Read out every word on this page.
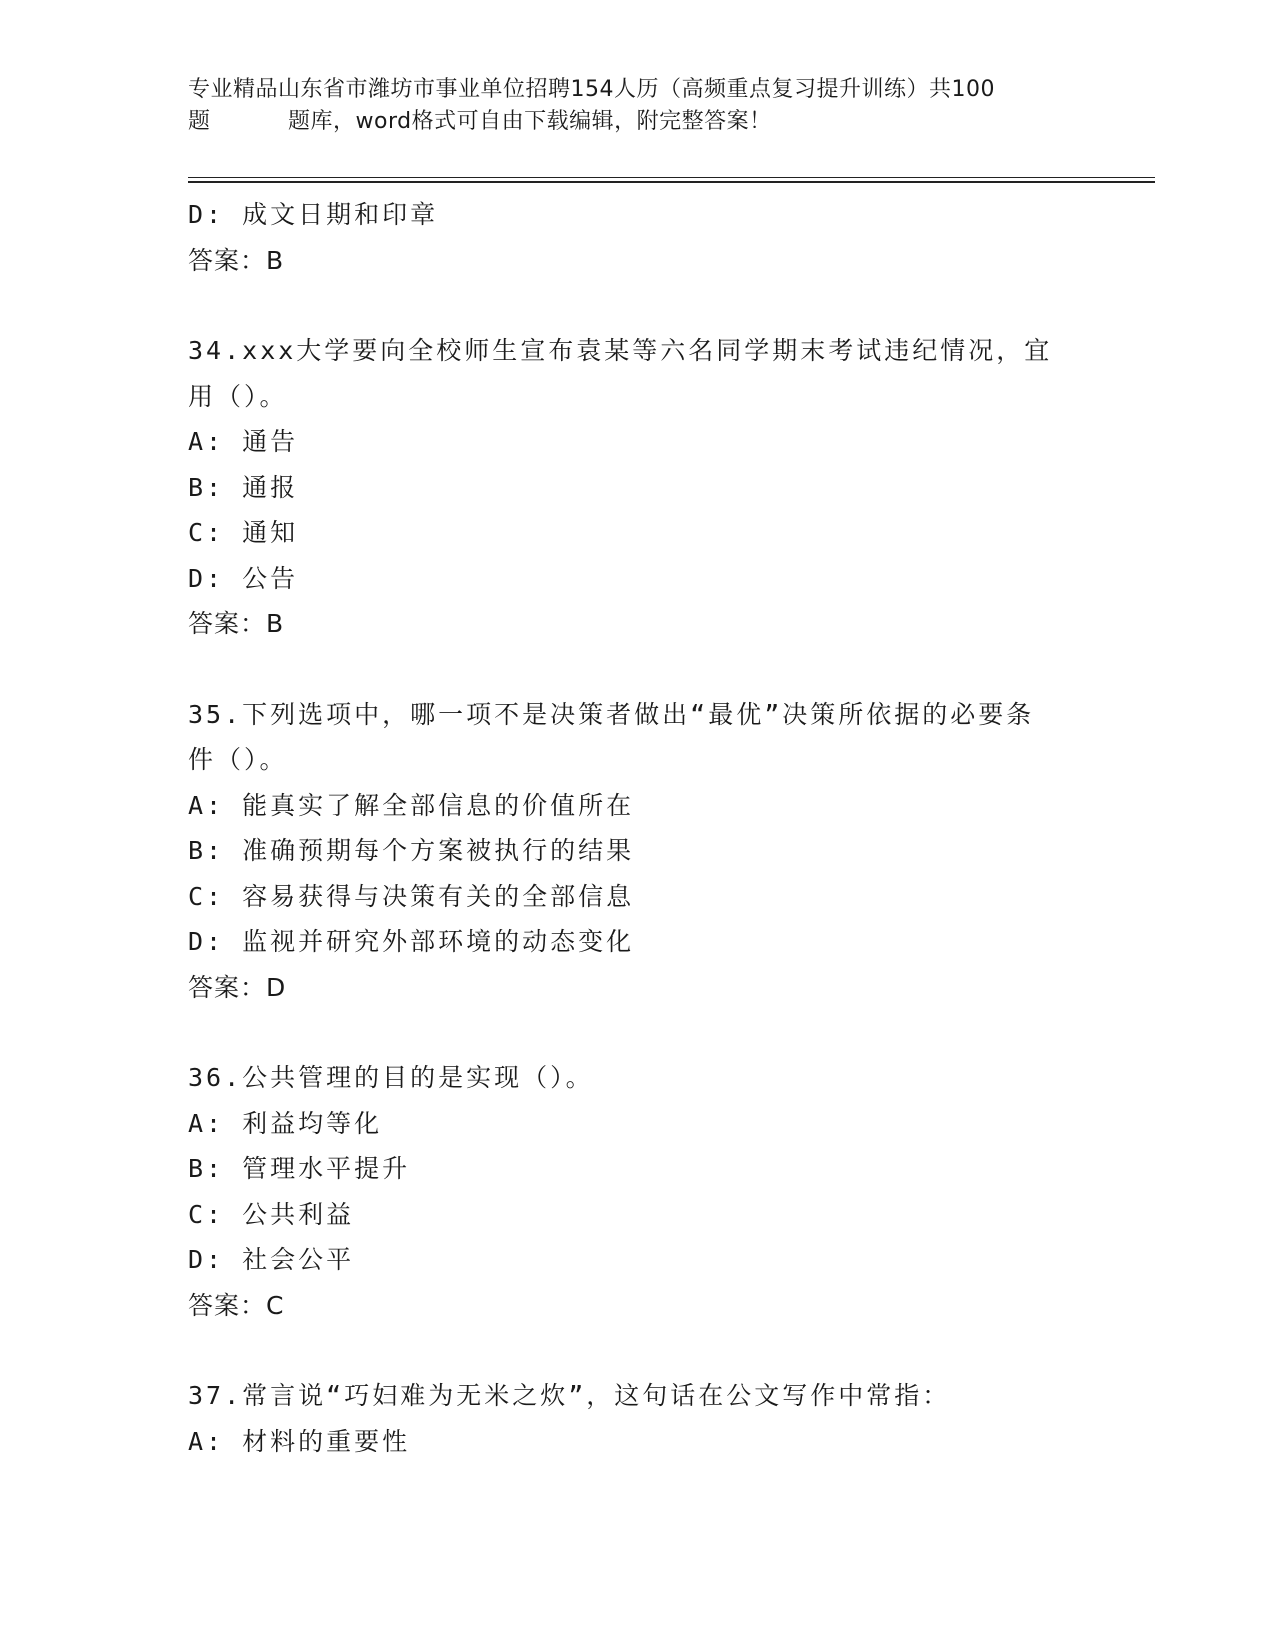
专业精品山东省市潍坊市事业单位招聘154人历（高频重点复习提升训练）共100
题	题库，word格式可自由下载编辑，附完整答案！
D: 成文日期和印章
答案：B
34.xxx大学要向全校师生宣布袁某等六名同学期末考试违纪情况，宜
用（）。
A: 通告
B: 通报
C: 通知
D: 公告
答案：B
35.下列选项中，哪一项不是决策者做出“最优”决策所依据的必要条
件（）。
A: 能真实了解全部信息的价值所在
B: 准确预期每个方案被执行的结果
C: 容易获得与决策有关的全部信息
D: 监视并研究外部环境的动态变化
答案：D
36.公共管理的目的是实现（）。
A: 利益均等化
B: 管理水平提升
C: 公共利益
D: 社会公平
答案：C
37.常言说“巧妇难为无米之炊”，这句话在公文写作中常指：
A: 材料的重要性
